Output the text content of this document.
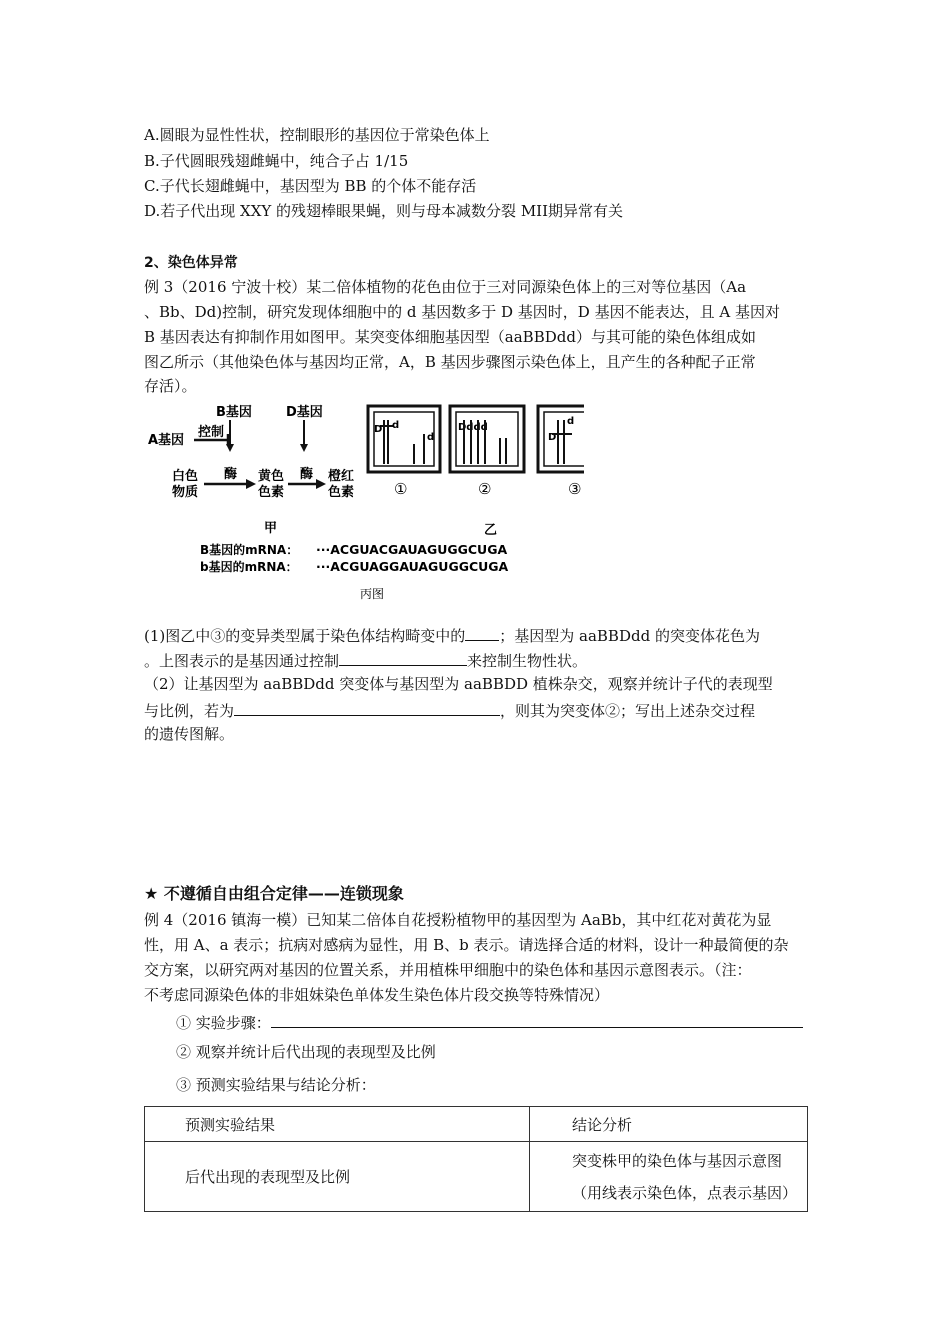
A.圆眼为显性性状，控制眼形的基因位于常染色体上
B.子代圆眼残翅雌蝇中，纯合子占 1/15
C.子代长翅雌蝇中，基因型为 BB 的个体不能存活
D.若子代出现 XXY 的残翅棒眼果蝇，则与母本减数分裂 MII期异常有关
2、染色体异常
例 3（2016 宁波十校）某二倍体植物的花色由位于三对同源染色体上的三对等位基因（Aa
、Bb、Dd)控制，研究发现体细胞中的 d 基因数多于 D 基因时，D 基因不能表达，且 A 基因对
B 基因表达有抑制作用如图甲。某突变体细胞基因型（aaBBDdd）与其可能的染色体组成如
图乙所示（其他染色体与基因均正常，A，B 基因步骤图示染色体上，且产生的各种配子正常
存活）。
B基因
控制
A基因
D基因
白色
物质
酶 黄色
色素
酶 橙红
色素
甲
D d
d
①
Dddd
②
D
d
③
乙
B基因的mRNA： ···ACGUACGAUAGUGGCUGA
b基因的mRNA： ···ACGUAGGAUAGUGGCUGA
丙图
(1)图乙中③的变异类型属于染色体结构畸变中的 ；基因型为 aaBBDdd 的突变体花色为
。上图表示的是基因通过控制	来控制生物性状。
（2）让基因型为 aaBBDdd 突变体与基因型为 aaBBDD 植株杂交，观察并统计子代的表现型
与比例，若为	，则其为突变体②；写出上述杂交过程
的遗传图解。
★ 不遵循自由组合定律——连锁现象
例 4（2016 镇海一模）已知某二倍体自花授粉植物甲的基因型为 AaBb，其中红花对黄花为显
性，用 A、a 表示；抗病对感病为显性，用 B、b 表示。请选择合适的材料，设计一种最简便的杂
交方案，以研究两对基因的位置关系，并用植株甲细胞中的染色体和基因示意图表示。（注：
不考虑同源染色体的非姐妹染色单体发生染色体片段交换等特殊情况）
① 实验步骤：
② 观察并统计后代出现的表现型及比例
③ 预测实验结果与结论分析：
预测实验结果	结论分析
后代出现的表现型及比例	突变株甲的染色体与基因示意图
（用线表示染色体，点表示基因）
